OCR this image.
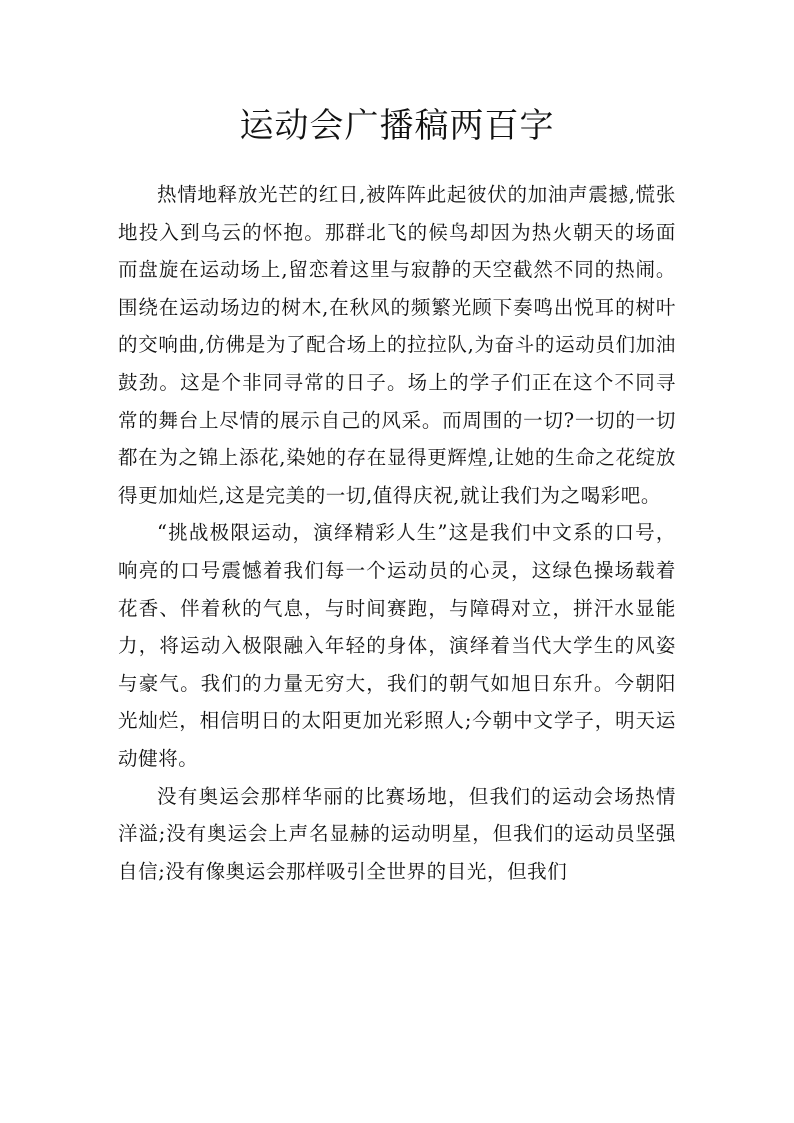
运动会广播稿两百字

热情地释放光芒的红日,被阵阵此起彼伏的加油声震撼,慌张地投入到乌云的怀抱。那群北飞的候鸟却因为热火朝天的场面而盘旋在运动场上,留恋着这里与寂静的天空截然不同的热闹。围绕在运动场边的树木,在秋风的频繁光顾下奏鸣出悦耳的树叶的交响曲,仿佛是为了配合场上的拉拉队,为奋斗的运动员们加油鼓劲。这是个非同寻常的日子。场上的学子们正在这个不同寻常的舞台上尽情的展示自己的风采。而周围的一切?一切的一切都在为之锦上添花,染她的存在显得更辉煌,让她的生命之花绽放得更加灿烂,这是完美的一切,值得庆祝,就让我们为之喝彩吧。

“挑战极限运动，演绎精彩人生”这是我们中文系的口号，响亮的口号震憾着我们每一个运动员的心灵，这绿色操场载着花香、伴着秋的气息，与时间赛跑，与障碍对立，拼汗水显能力，将运动入极限融入年轻的身体，演绎着当代大学生的风姿与豪气。我们的力量无穷大，我们的朝气如旭日东升。今朝阳光灿烂，相信明日的太阳更加光彩照人;今朝中文学子，明天运动健将。

没有奥运会那样华丽的比赛场地，但我们的运动会场热情洋溢;没有奥运会上声名显赫的运动明星，但我们的运动员坚强自信;没有像奥运会那样吸引全世界的目光，但我们
